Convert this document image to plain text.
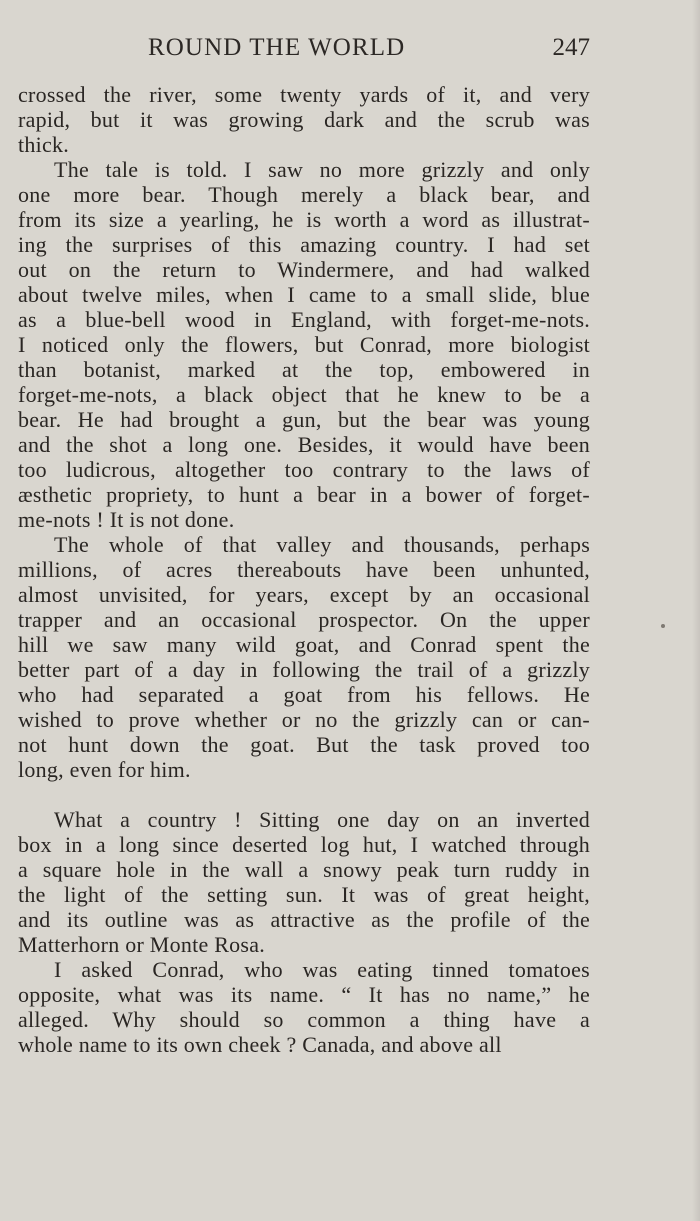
ROUND THE WORLD	247
crossed the river, some twenty yards of it, and very
rapid, but it was growing dark and the scrub was
thick.
The tale is told. I saw no more grizzly and only
one more bear. Though merely a black bear, and
from its size a yearling, he is worth a word as illustrat-
ing the surprises of this amazing country. I had set
out on the return to Windermere, and had walked
about twelve miles, when I came to a small slide, blue
as a blue-bell wood in England, with forget-me-nots.
I noticed only the flowers, but Conrad, more biologist
than botanist, marked at the top, embowered in
forget-me-nots, a black object that he knew to be a
bear. He had brought a gun, but the bear was young
and the shot a long one. Besides, it would have been
too ludicrous, altogether too contrary to the laws of
æsthetic propriety, to hunt a bear in a bower of forget-
me-nots ! It is not done.
The whole of that valley and thousands, perhaps
millions, of acres thereabouts have been unhunted,
almost unvisited, for years, except by an occasional
trapper and an occasional prospector. On the upper
hill we saw many wild goat, and Conrad spent the
better part of a day in following the trail of a grizzly
who had separated a goat from his fellows. He
wished to prove whether or no the grizzly can or can-
not hunt down the goat. But the task proved too
long, even for him.
What a country ! Sitting one day on an inverted
box in a long since deserted log hut, I watched through
a square hole in the wall a snowy peak turn ruddy in
the light of the setting sun. It was of great height,
and its outline was as attractive as the profile of the
Matterhorn or Monte Rosa.
I asked Conrad, who was eating tinned tomatoes
opposite, what was its name. “ It has no name,” he
alleged. Why should so common a thing have a
whole name to its own cheek ? Canada, and above all
